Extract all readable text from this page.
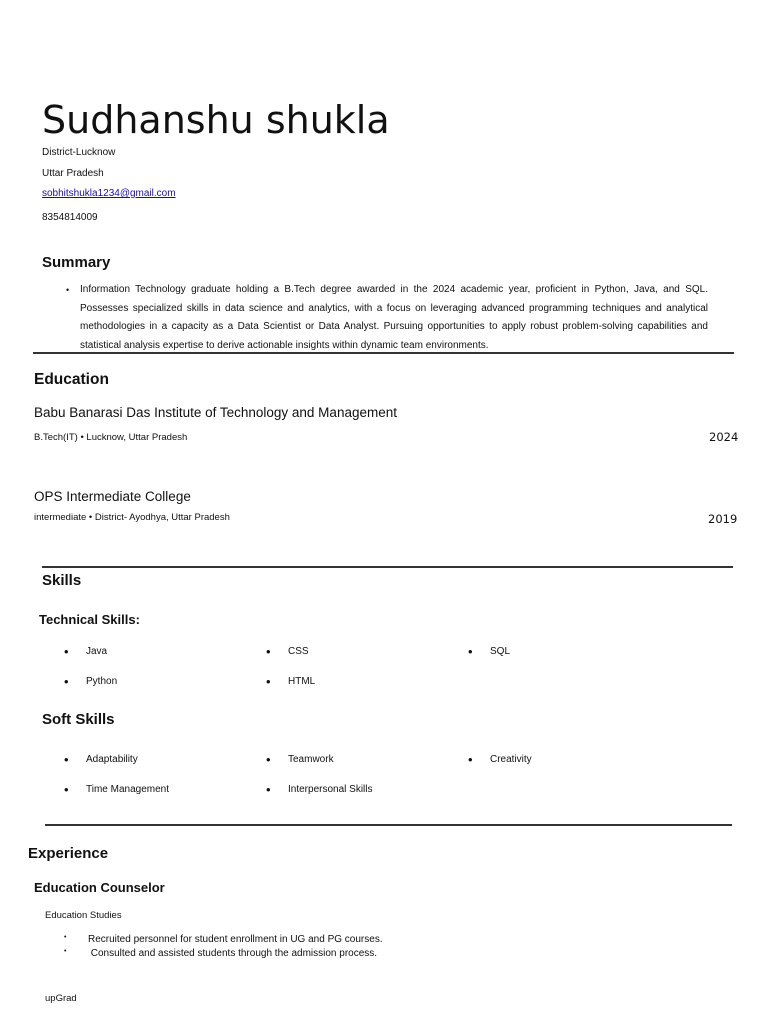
Sudhanshu shukla
District-Lucknow
Uttar Pradesh
sobhitshukla1234@gmail.com
8354814009
Summary
• Information Technology graduate holding a B.Tech degree awarded in the 2024 academic year, proficient in Python, Java, and SQL. Possesses specialized skills in data science and analytics, with a focus on leveraging advanced programming techniques and analytical methodologies in a capacity as a Data Scientist or Data Analyst. Pursuing opportunities to apply robust problem-solving capabilities and statistical analysis expertise to derive actionable insights within dynamic team environments.
Education
Babu Banarasi Das Institute of Technology and Management
B.Tech(IT) • Lucknow, Uttar Pradesh	2024
OPS Intermediate College
intermediate • District- Ayodhya, Uttar Pradesh	2019
Skills
Technical Skills:
• Java	• CSS	• SQL
• Python	• HTML
Soft Skills
• Adaptability	• Teamwork	• Creativity
• Time Management	• Interpersonal Skills
Experience
Education Counselor
Education Studies
• Recruited personnel for student enrollment in UG and PG courses.
• Consulted and assisted students through the admission process.
upGrad
